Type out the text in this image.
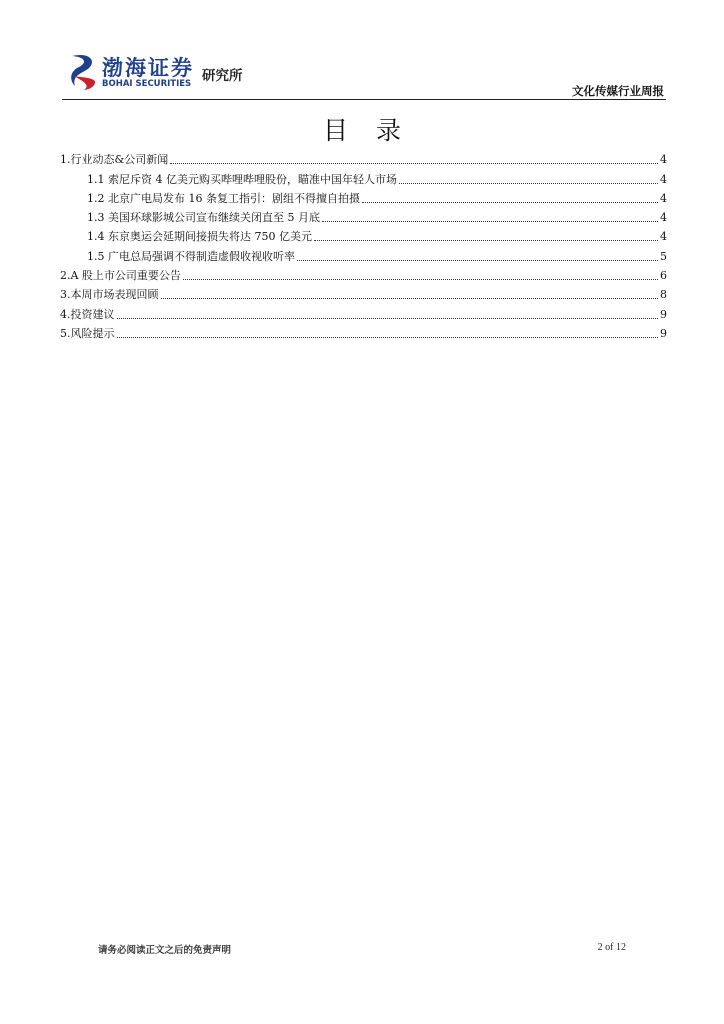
渤海证券
BOHAI SECURITIES 研究所
文化传媒行业周报
目录
1.行业动态&公司新闻	4
1.1 索尼斥资 4 亿美元购买哔哩哔哩股份，瞄准中国年轻人市场	4
1.2 北京广电局发布 16 条复工指引：剧组不得擅自拍摄	4
1.3 美国环球影城公司宣布继续关闭直至 5 月底	4
1.4 东京奥运会延期间接损失将达 750 亿美元	4
1.5 广电总局强调不得制造虚假收视收听率	5
2.A 股上市公司重要公告	6
3.本周市场表现回顾	8
4.投资建议	9
5.风险提示	9
请务必阅读正文之后的免责声明	2 of 12
